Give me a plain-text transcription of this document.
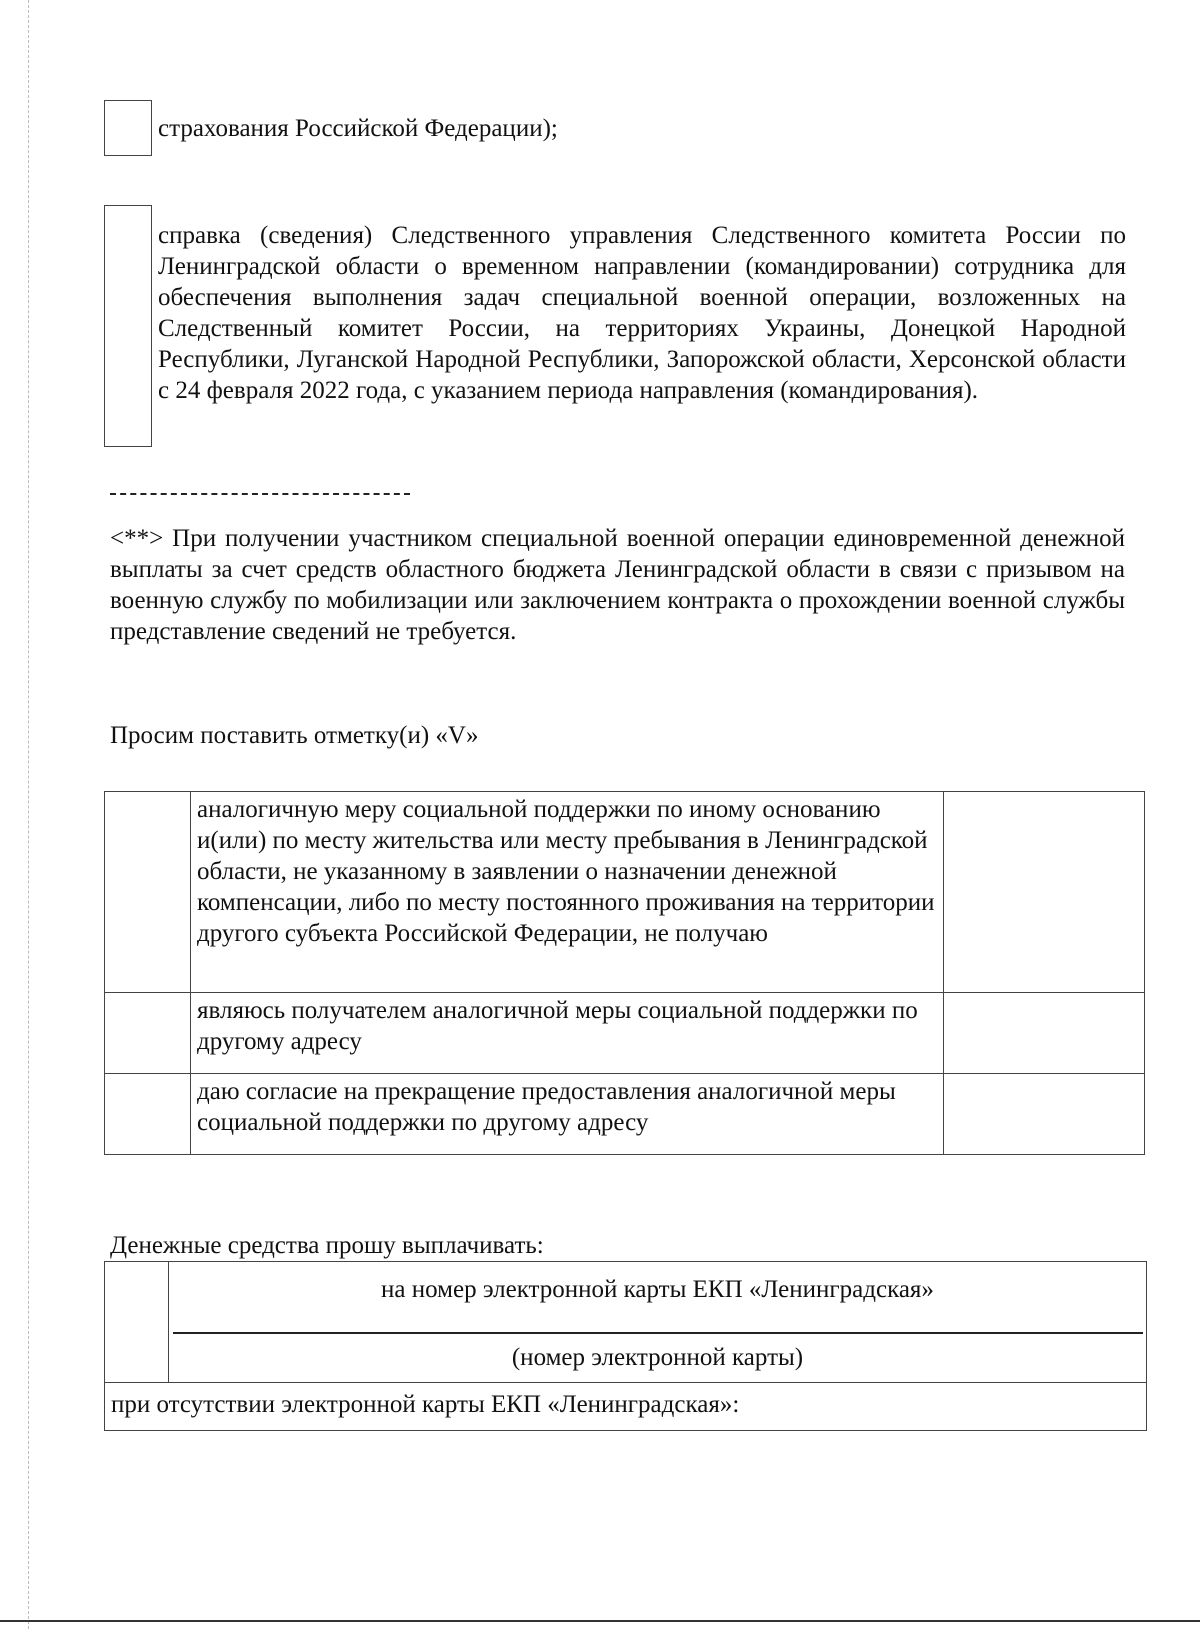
страхования Российской Федерации);
справка (сведения) Следственного управления Следственного комитета России по Ленинградской области о временном направлении (командировании) сотрудника для обеспечения выполнения задач специальной военной операции, возложенных на Следственный комитет России, на территориях Украины, Донецкой Народной Республики, Луганской Народной Республики, Запорожской области, Херсонской области с 24 февраля 2022 года, с указанием периода направления (командирования).
<**> При получении участником специальной военной операции единовременной денежной выплаты за счет средств областного бюджета Ленинградской области в связи с призывом на военную службу по мобилизации или заключением контракта о прохождении военной службы представление сведений не требуется.
Просим поставить отметку(и) «V»
	аналогичную меру социальной поддержки по иному основанию и(или) по месту жительства или месту пребывания в Ленинградской области, не указанному в заявлении о назначении денежной компенсации, либо по месту постоянного проживания на территории другого субъекта Российской Федерации, не получаю	
	являюсь получателем аналогичной меры социальной поддержки по другому адресу	
	даю согласие на прекращение предоставления аналогичной меры социальной поддержки по другому адресу	
Денежные средства прошу выплачивать:
на номер электронной карты ЕКП «Ленинградская»
(номер электронной карты)
при отсутствии электронной карты ЕКП «Ленинградская»:
